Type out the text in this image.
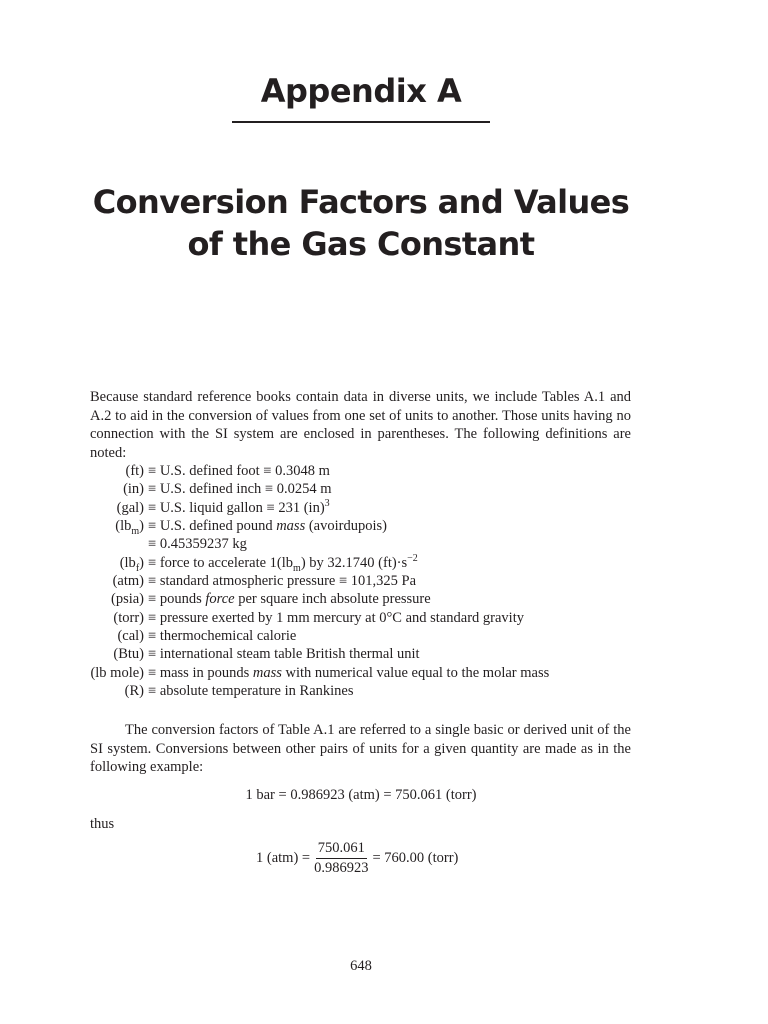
Appendix A
Conversion Factors and Values
of the Gas Constant

Because standard reference books contain data in diverse units, we include Tables A.1 and A.2 to aid in the conversion of values from one set of units to another. Those units having no connection with the SI system are enclosed in parentheses. The following definitions are noted:

(ft) ≡ U.S. defined foot ≡ 0.3048 m
(in) ≡ U.S. defined inch ≡ 0.0254 m
(gal) ≡ U.S. liquid gallon ≡ 231 (in)$^3$
$(lb_m) \equiv U.S$. defined pound mass (avoirdupois)
≡ 0.45359237 kg
$(lb_f)$ ≡ force to accelerate $1(lb_m)$ by 32.1740 $(ft)\cdot s^{-2}$
(atm) ≡ standard atmospheric pressure ≡ 101,325 Pa
(psia) ≡ pounds force per square inch absolute pressure
(torr) ≡ pressure exerted by 1 mm mercury at 0°C and standard gravity
(cal) ≡ thermochemical calorie
(Btu) ≡ international steam table British thermal unit
(lb mole) ≡ mass in pounds mass with numerical value equal to the molar mass
(R) ≡ absolute temperature in Rankines

The conversion factors of Table A.1 are referred to a single basic or derived unit of the SI system. Conversions between other pairs of units for a given quantity are made as in the following example:

1 bar = 0.986923 (atm) = 750.061 (torr)

thus

1 $(atm) = \frac{750.061}{0.986923} = 760.00$ (torr)
648
